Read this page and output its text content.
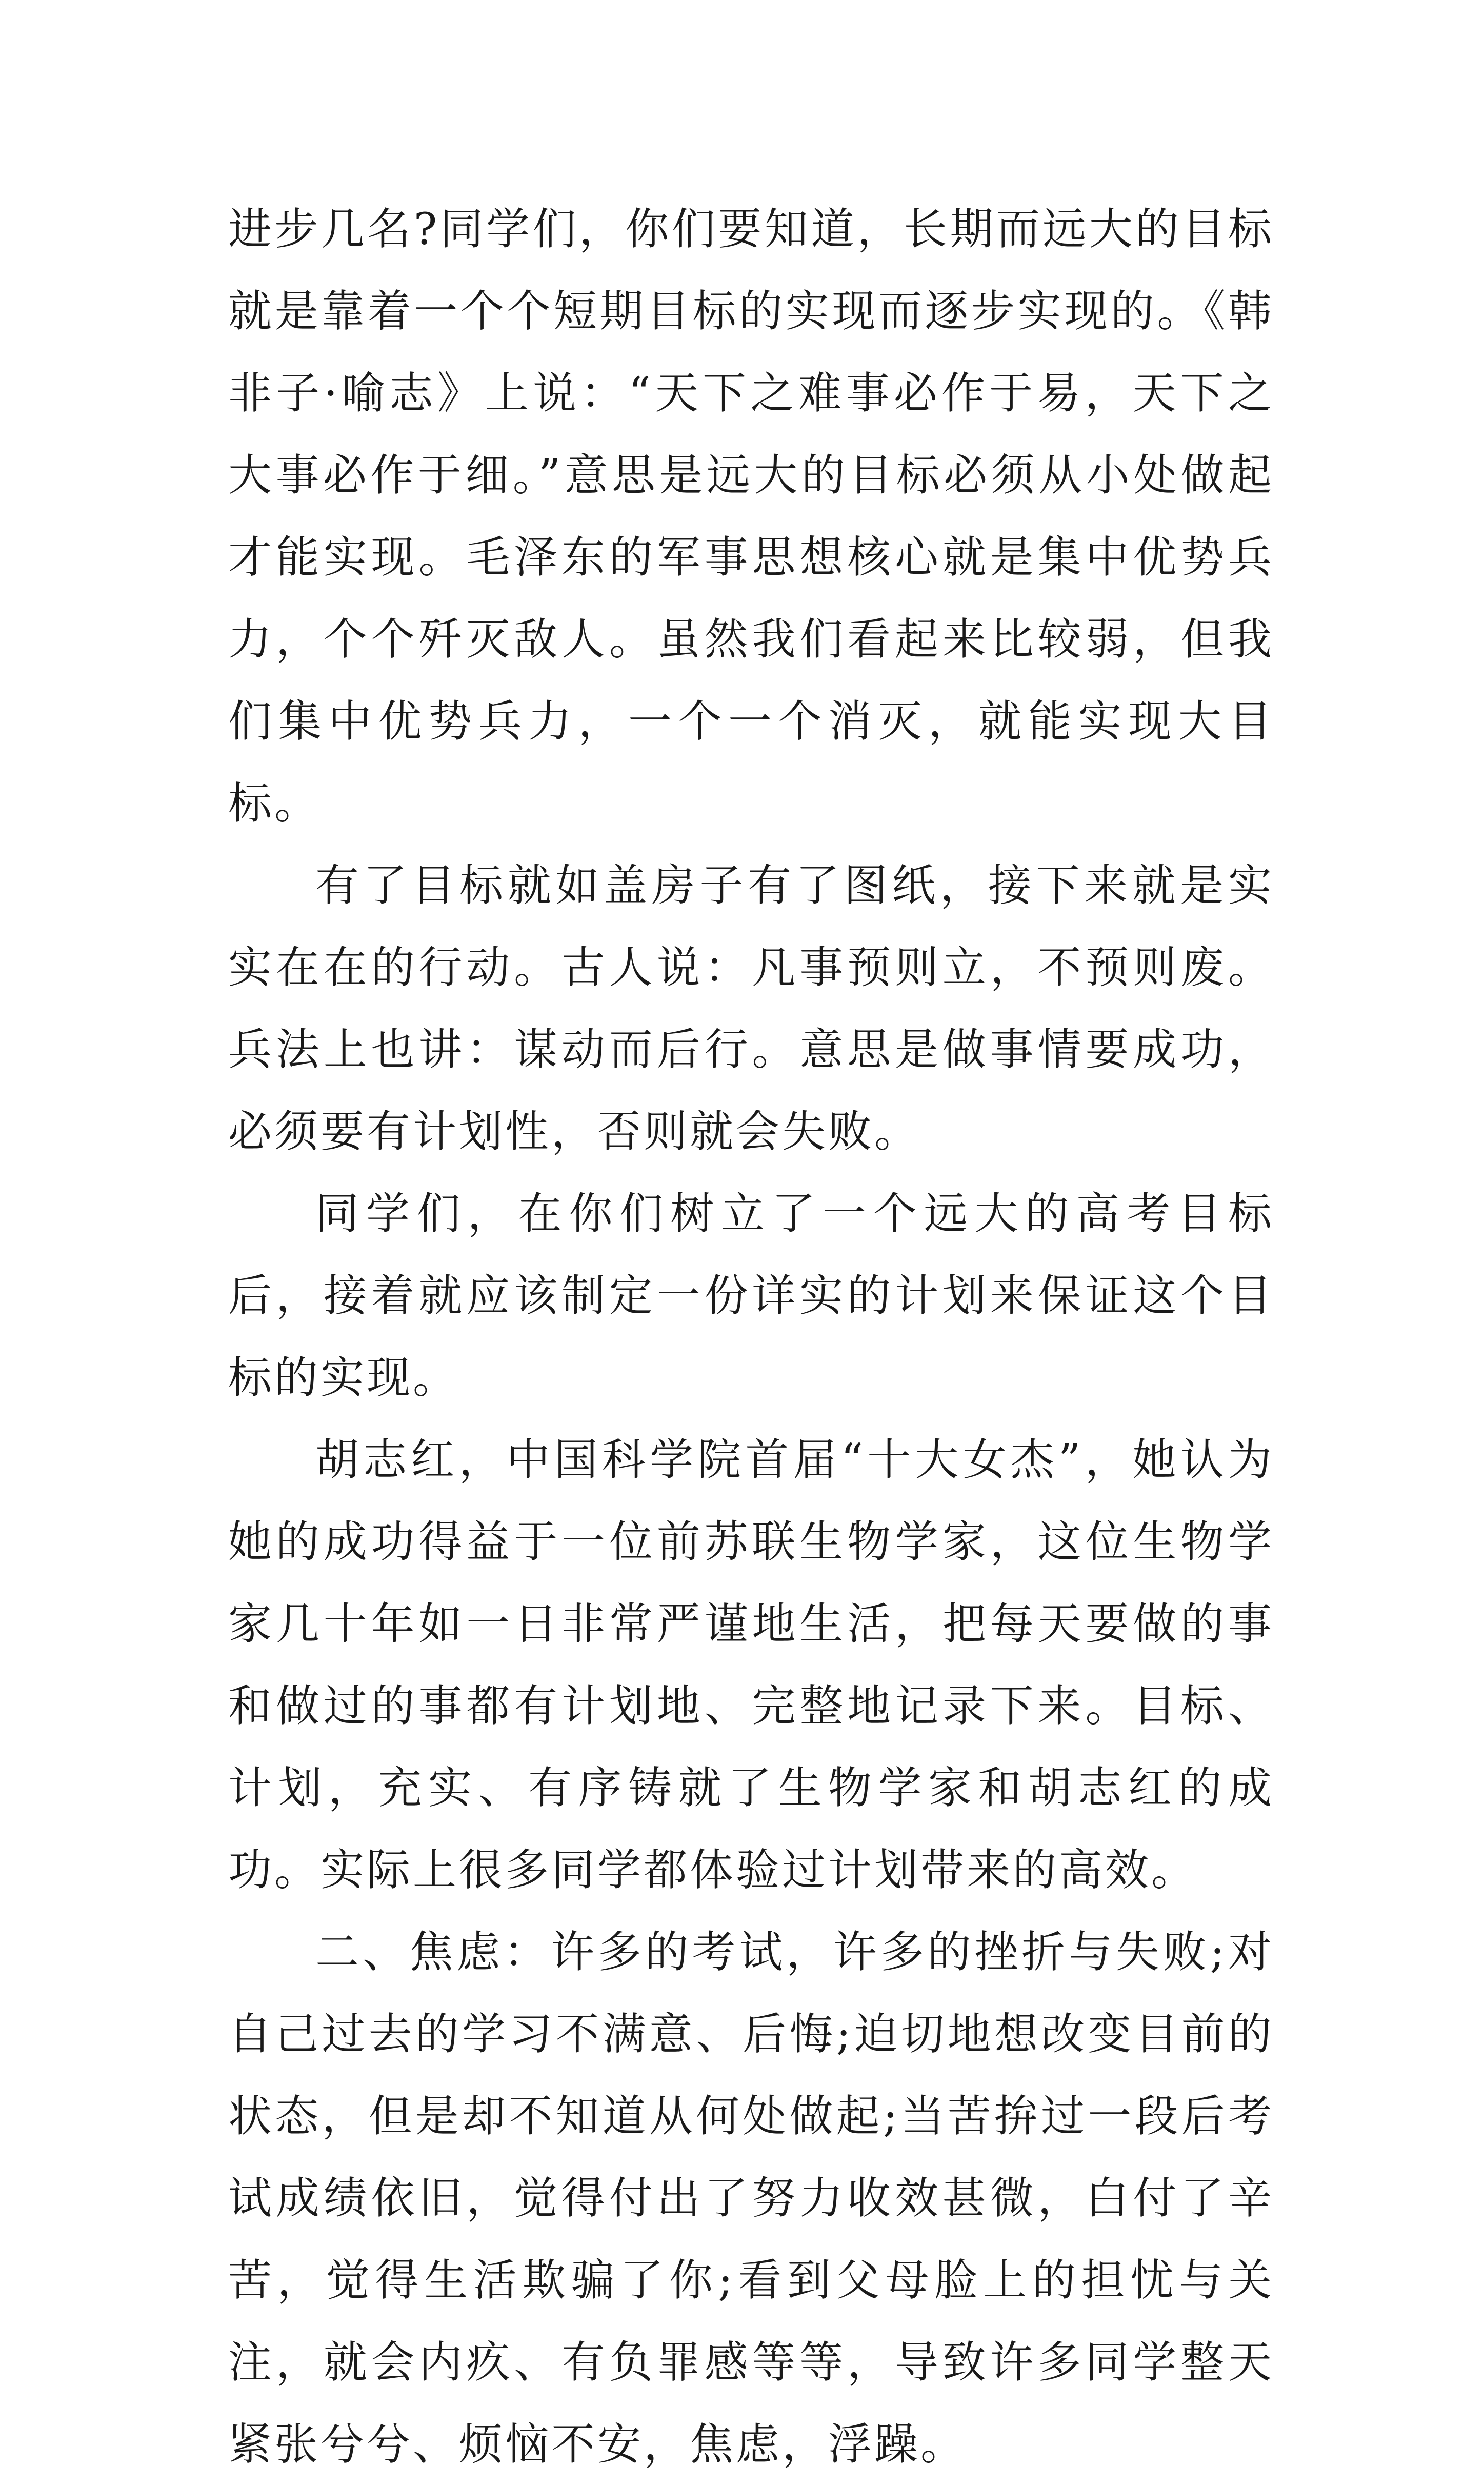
进步几名?同学们，你们要知道，长期而远大的目标就是靠着一个个短期目标的实现而逐步实现的。《韩非子·喻志》上说：“天下之难事必作于易，天下之大事必作于细。”意思是远大的目标必须从小处做起才能实现。毛泽东的军事思想核心就是集中优势兵力，个个歼灭敌人。虽然我们看起来比较弱，但我们集中优势兵力，一个一个消灭，就能实现大目标。

有了目标就如盖房子有了图纸，接下来就是实实在在的行动。古人说：凡事预则立，不预则废。兵法上也讲：谋动而后行。意思是做事情要成功，必须要有计划性，否则就会失败。

同学们，在你们树立了一个远大的高考目标后，接着就应该制定一份详实的计划来保证这个目标的实现。

胡志红，中国科学院首届“十大女杰”，她认为她的成功得益于一位前苏联生物学家，这位生物学家几十年如一日非常严谨地生活，把每天要做的事和做过的事都有计划地、完整地记录下来。目标、计划，充实、有序铸就了生物学家和胡志红的成功。实际上很多同学都体验过计划带来的高效。

二、焦虑：许多的考试，许多的挫折与失败;对自己过去的学习不满意、后悔;迫切地想改变目前的状态，但是却不知道从何处做起;当苦拚过一段后考试成绩依旧，觉得付出了努力收效甚微，白付了辛苦，觉得生活欺骗了你;看到父母脸上的担忧与关注，就会内疚、有负罪感等等，导致许多同学整天紧张兮兮、烦恼不安，焦虑，浮躁。
